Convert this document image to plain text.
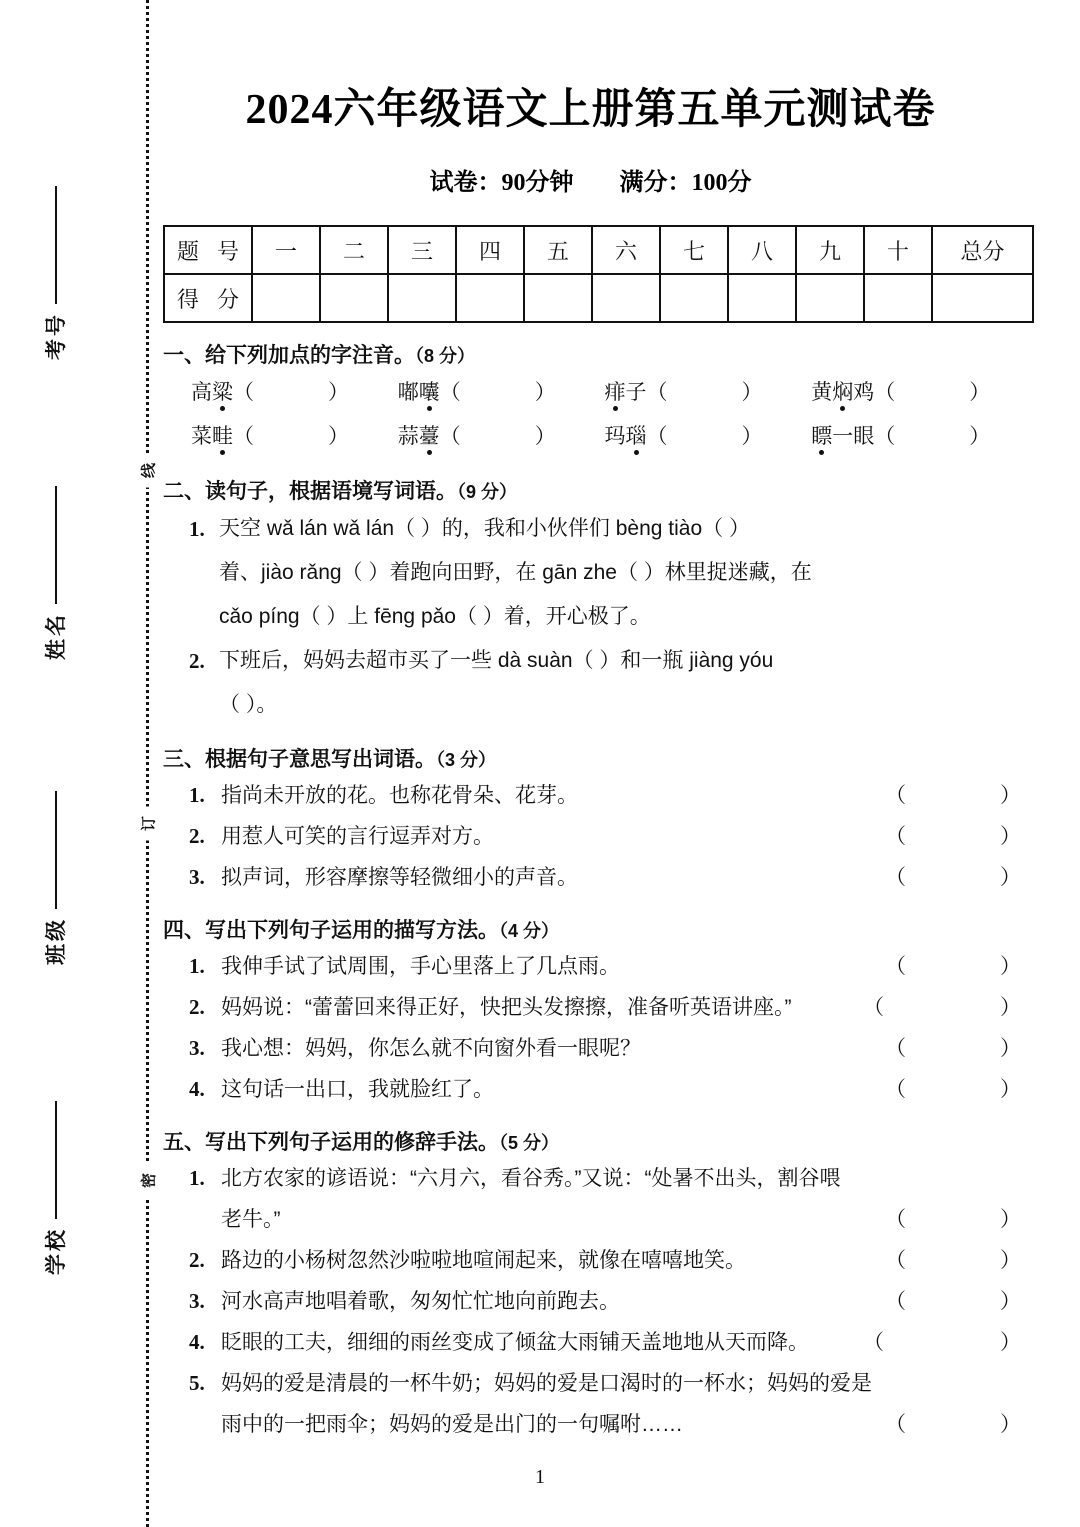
考号
姓名
班级
学校
线
订
密
2024六年级语文上册第五单元测试卷
试卷：90分钟 满分：100分
题 号	一	二	三	四	五	六	七	八	九	十	总分
得 分											
一、给下列加点的字注音。（8 分）
高粱（	）	嘟囔（	）	痱子（	）	黄焖鸡（	）
菜畦（	）	蒜薹（	）	玛瑙（	）	瞟一眼（	）
二、读句子，根据语境写词语。（9 分）
1. 天空 wǎ lán wǎ lán（ ）的，我和小伙伴们 bèng tiào（ ）
着、jiào rǎng（ ）着跑向田野，在 gān zhe（ ）林里捉迷藏，在
cǎo píng（ ）上 fēng pǎo（ ）着，开心极了。
2. 下班后，妈妈去超市买了一些 dà suàn（ ）和一瓶 jiàng yóu
（ ）。
三、根据句子意思写出词语。（3 分）
1. 指尚未开放的花。也称花骨朵、花芽。	（	）
2. 用惹人可笑的言行逗弄对方。	（	）
3. 拟声词，形容摩擦等轻微细小的声音。	（	）
四、写出下列句子运用的描写方法。（4 分）
1. 我伸手试了试周围，手心里落上了几点雨。	（	）
2. 妈妈说：“蕾蕾回来得正好，快把头发擦擦，准备听英语讲座。”	（	）
3. 我心想：妈妈，你怎么就不向窗外看一眼呢？	（	）
4. 这句话一出口，我就脸红了。	（	）
五、写出下列句子运用的修辞手法。（5 分）
1. 北方农家的谚语说：“六月六，看谷秀。”又说：“处暑不出头，割谷喂
老牛。”	（	）
2. 路边的小杨树忽然沙啦啦地喧闹起来，就像在嘻嘻地笑。	（	）
3. 河水高声地唱着歌，匆匆忙忙地向前跑去。	（	）
4. 眨眼的工夫，细细的雨丝变成了倾盆大雨铺天盖地地从天而降。	（	）
5. 妈妈的爱是清晨的一杯牛奶；妈妈的爱是口渴时的一杯水；妈妈的爱是
雨中的一把雨伞；妈妈的爱是出门的一句嘱咐……	（	）
1
